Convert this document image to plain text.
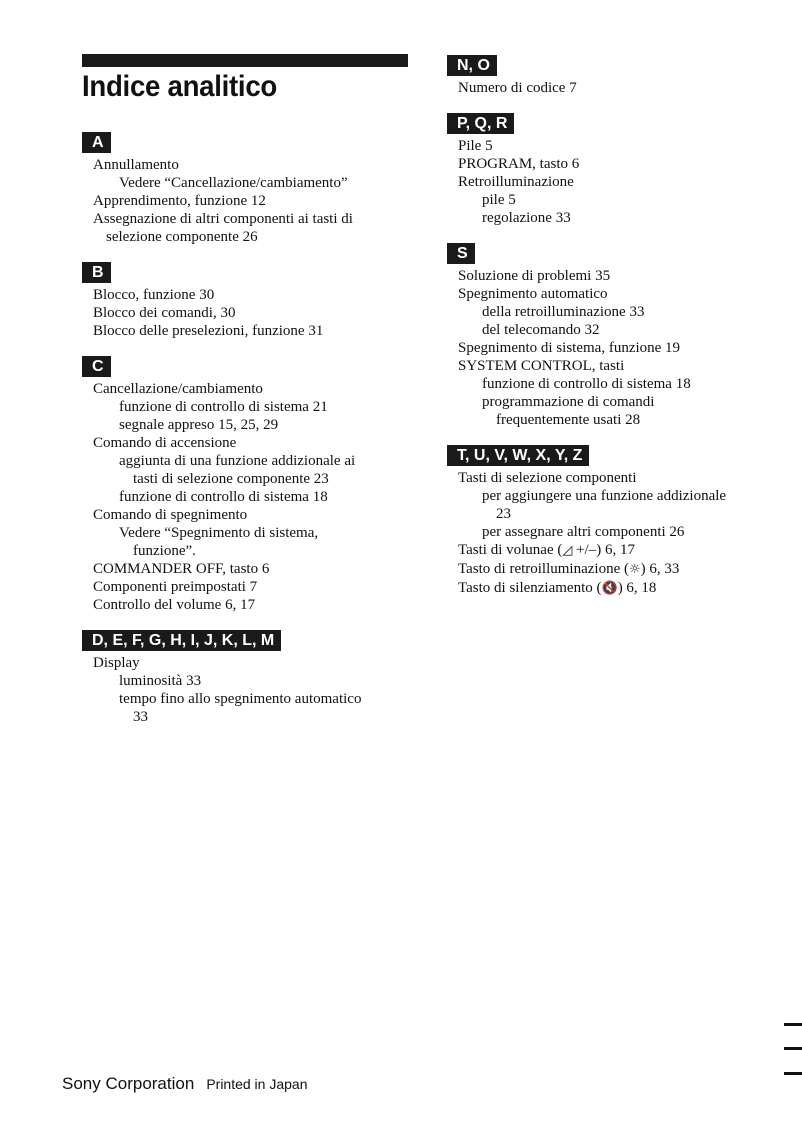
Indice analitico
A
Annullamento
Vedere “Cancellazione/cambiamento”
Apprendimento, funzione 12
Assegnazione di altri componenti ai tasti di
selezione componente 26
B
Blocco, funzione 30
Blocco dei comandi, 30
Blocco delle preselezioni, funzione 31
C
Cancellazione/cambiamento
funzione di controllo di sistema 21
segnale appreso 15, 25, 29
Comando di accensione
aggiunta di una funzione addizionale ai
tasti di selezione componente 23
funzione di controllo di sistema 18
Comando di spegnimento
Vedere “Spegnimento di sistema,
funzione”.
COMMANDER OFF, tasto 6
Componenti preimpostati 7
Controllo del volume 6, 17
D, E, F, G, H, I, J, K, L, M
Display
luminosità 33
tempo fino allo spegnimento automatico
33
N, O
Numero di codice 7
P, Q, R
Pile 5
PROGRAM, tasto 6
Retroilluminazione
pile 5
regolazione 33
S
Soluzione di problemi 35
Spegnimento automatico
della retroilluminazione 33
del telecomando 32
Spegnimento di sistema, funzione 19
SYSTEM CONTROL, tasti
funzione di controllo di sistema 18
programmazione di comandi
frequentemente usati 28
T, U, V, W, X, Y, Z
Tasti di selezione componenti
per aggiungere una funzione addizionale
23
per assegnare altri componenti 26
Tasti di volunae (◿ +/–) 6, 17
Tasto di retroilluminazione (☼) 6, 33
Tasto di silenziamento (🔇) 6, 18
Sony Corporation Printed in Japan
